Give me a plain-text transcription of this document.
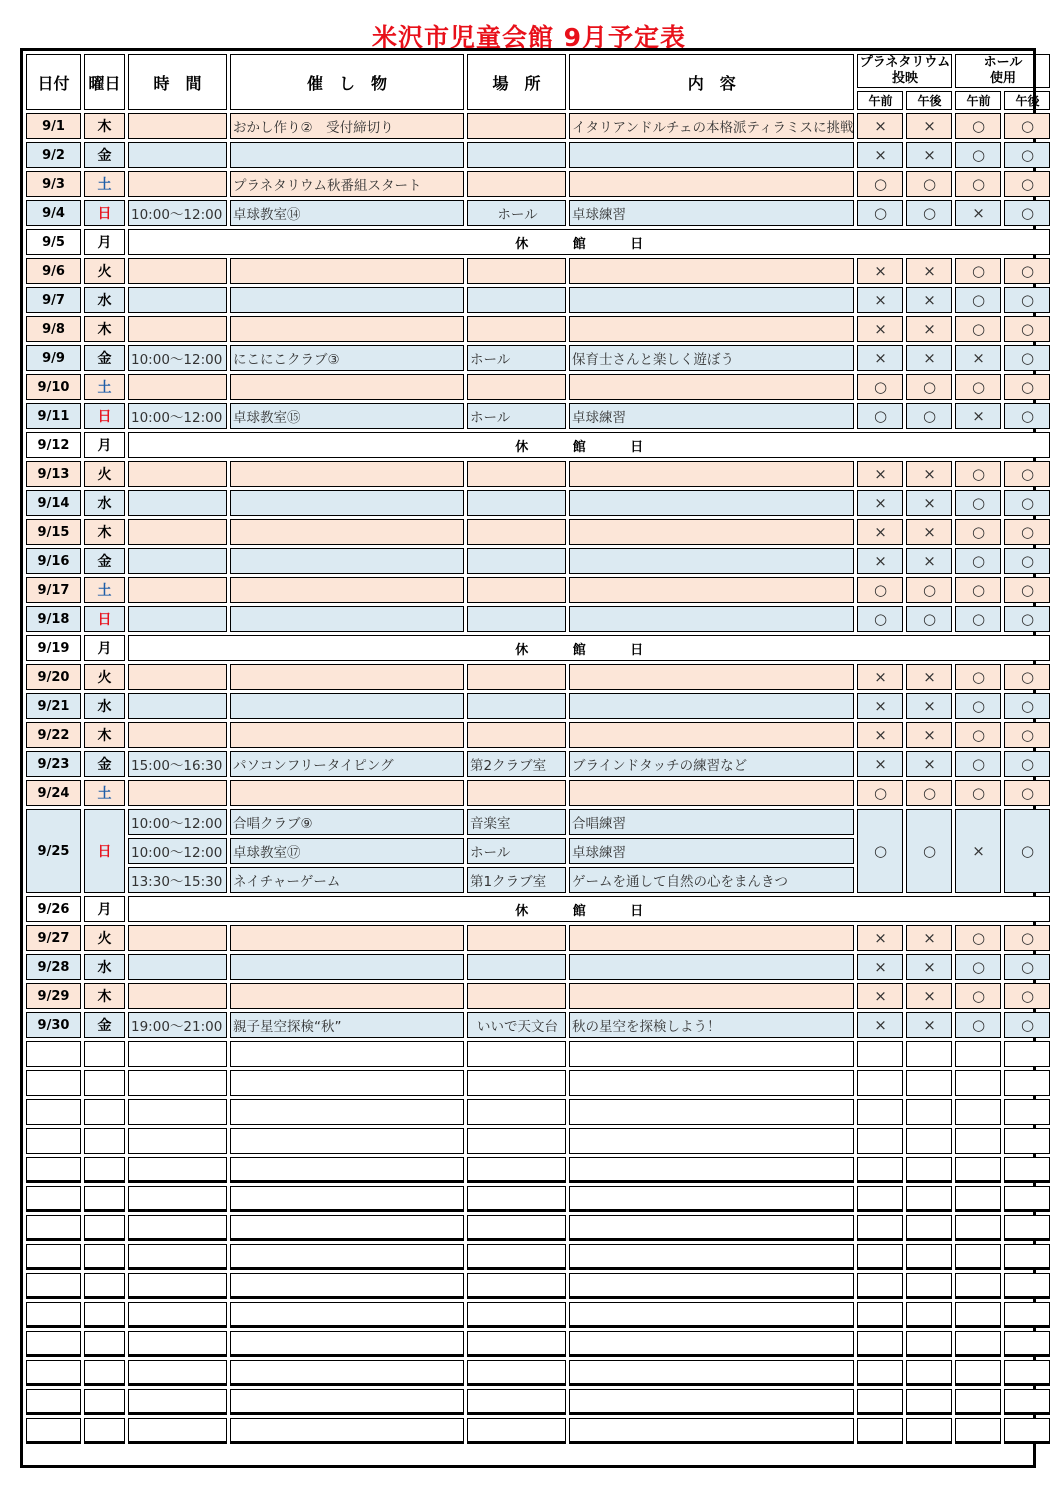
米沢市児童会館 9月予定表
日付	曜日	時　間	催　し　物	場　所	内　容	プラネタリウム
投映		ホール
使用	
						午前	午後	午前	午後
9/1	木		おかし作り②　受付締切り		イタリアンドルチェの本格派ティラミスに挑戦	×	×	○	○
9/2	金					×	×	○	○
9/3	土		プラネタリウム秋番組スタート			○	○	○	○
9/4	日	10:00～12:00	卓球教室⑭	ホール	卓球練習	○	○	×	○
9/5	月	休 館 日							
9/6	火					×	×	○	○
9/7	水					×	×	○	○
9/8	木					×	×	○	○
9/9	金	10:00～12:00	にこにこクラブ③	ホール	保育士さんと楽しく遊ぼう	×	×	×	○
9/10	土					○	○	○	○
9/11	日	10:00～12:00	卓球教室⑮	ホール	卓球練習	○	○	×	○
9/12	月	休 館 日							
9/13	火					×	×	○	○
9/14	水					×	×	○	○
9/15	木					×	×	○	○
9/16	金					×	×	○	○
9/17	土					○	○	○	○
9/18	日					○	○	○	○
9/19	月	休 館 日							
9/20	火					×	×	○	○
9/21	水					×	×	○	○
9/22	木					×	×	○	○
9/23	金	15:00～16:30	パソコンフリータイピング	第2クラブ室	ブラインドタッチの練習など	×	×	○	○
9/24	土					○	○	○	○
9/25	日	10:00～12:00	合唱クラブ⑨	音楽室	合唱練習	○	○	×	○
		10:00～12:00	卓球教室⑰	ホール	卓球練習				
		13:30～15:30	ネイチャーゲーム	第1クラブ室	ゲームを通して自然の心をまんきつ				
9/26	月	休 館 日							
9/27	火					×	×	○	○
9/28	水					×	×	○	○
9/29	木					×	×	○	○
9/30	金	19:00～21:00	親子星空探検“秋”	いいで天文台	秋の星空を探検しよう！	×	×	○	○
